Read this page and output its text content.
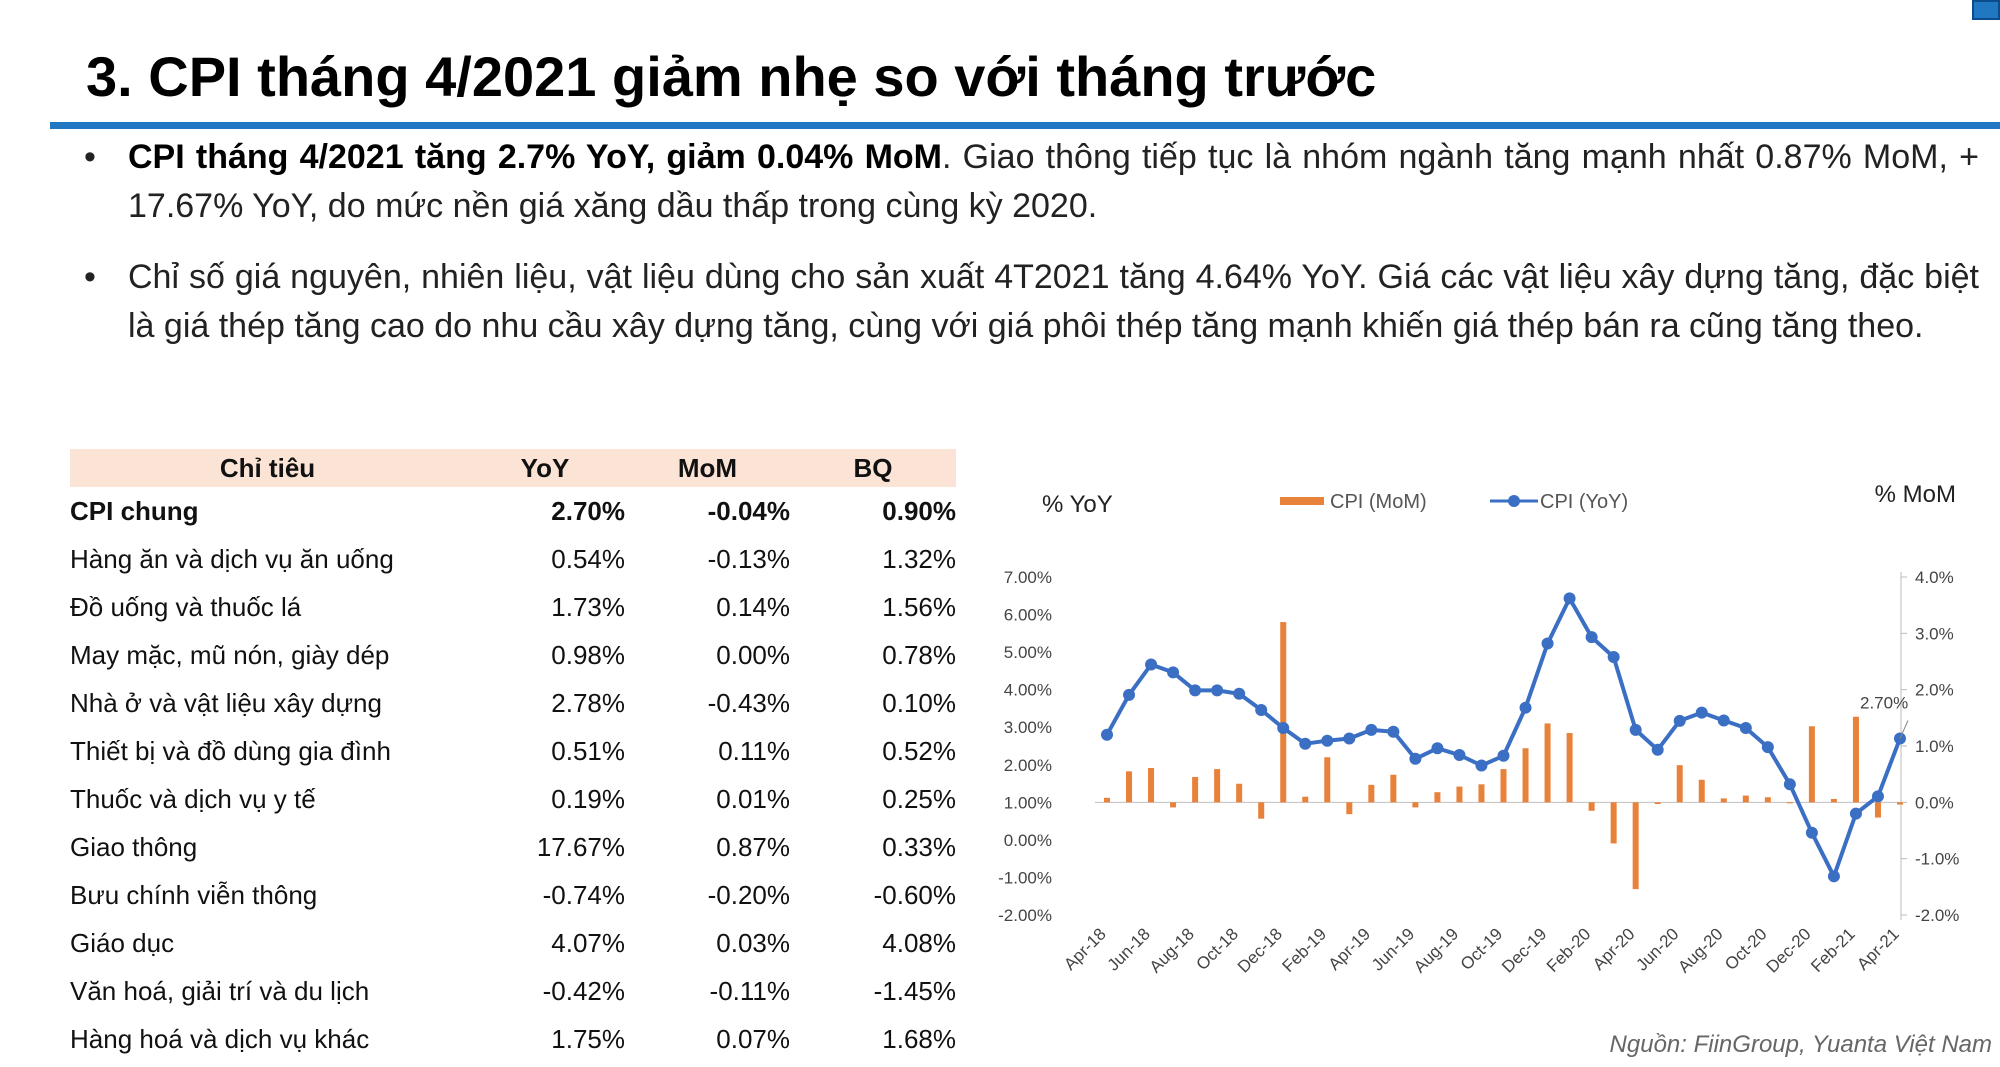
3. CPI tháng 4/2021 giảm nhẹ so với tháng trước
• CPI tháng 4/2021 tăng 2.7% YoY, giảm 0.04% MoM. Giao thông tiếp tục là nhóm ngành tăng mạnh nhất 0.87% MoM, + 17.67% YoY, do mức nền giá xăng dầu thấp trong cùng kỳ 2020.
• Chỉ số giá nguyên, nhiên liệu, vật liệu dùng cho sản xuất 4T2021 tăng 4.64% YoY. Giá các vật liệu xây dựng tăng, đặc biệt là giá thép tăng cao do nhu cầu xây dựng tăng, cùng với giá phôi thép tăng mạnh khiến giá thép bán ra cũng tăng theo.
Chỉ tiêu	YoY	MoM	BQ
CPI chung	2.70%	-0.04%	0.90%
Hàng ăn và dịch vụ ăn uống	0.54%	-0.13%	1.32%
Đồ uống và thuốc lá	1.73%	0.14%	1.56%
May mặc, mũ nón, giày dép	0.98%	0.00%	0.78%
Nhà ở và vật liệu xây dựng	2.78%	-0.43%	0.10%
Thiết bị và đồ dùng gia đình	0.51%	0.11%	0.52%
Thuốc và dịch vụ y tế	0.19%	0.01%	0.25%
Giao thông	17.67%	0.87%	0.33%
Bưu chính viễn thông	-0.74%	-0.20%	-0.60%
Giáo dục	4.07%	0.03%	4.08%
Văn hoá, giải trí và du lịch	-0.42%	-0.11%	-1.45%
Hàng hoá và dịch vụ khác	1.75%	0.07%	1.68%
CPI (MoM)	CPI (YoY)
% YoY	% MoM
7.00%
6.00%
5.00%
4.00%
3.00%
2.00%
1.00%
0.00%
-1.00%
-2.00%
4.0%
3.0%
2.0%
1.0%
0.0%
-1.0%
-2.0%
2.70%
Apr-18
Jun-18
Aug-18
Oct-18
Dec-18
Feb-19
Apr-19
Jun-19
Aug-19
Oct-19
Dec-19
Feb-20
Apr-20
Jun-20
Aug-20
Oct-20
Dec-20
Feb-21
Apr-21

Nguồn: FiinGroup, Yuanta Việt Nam
